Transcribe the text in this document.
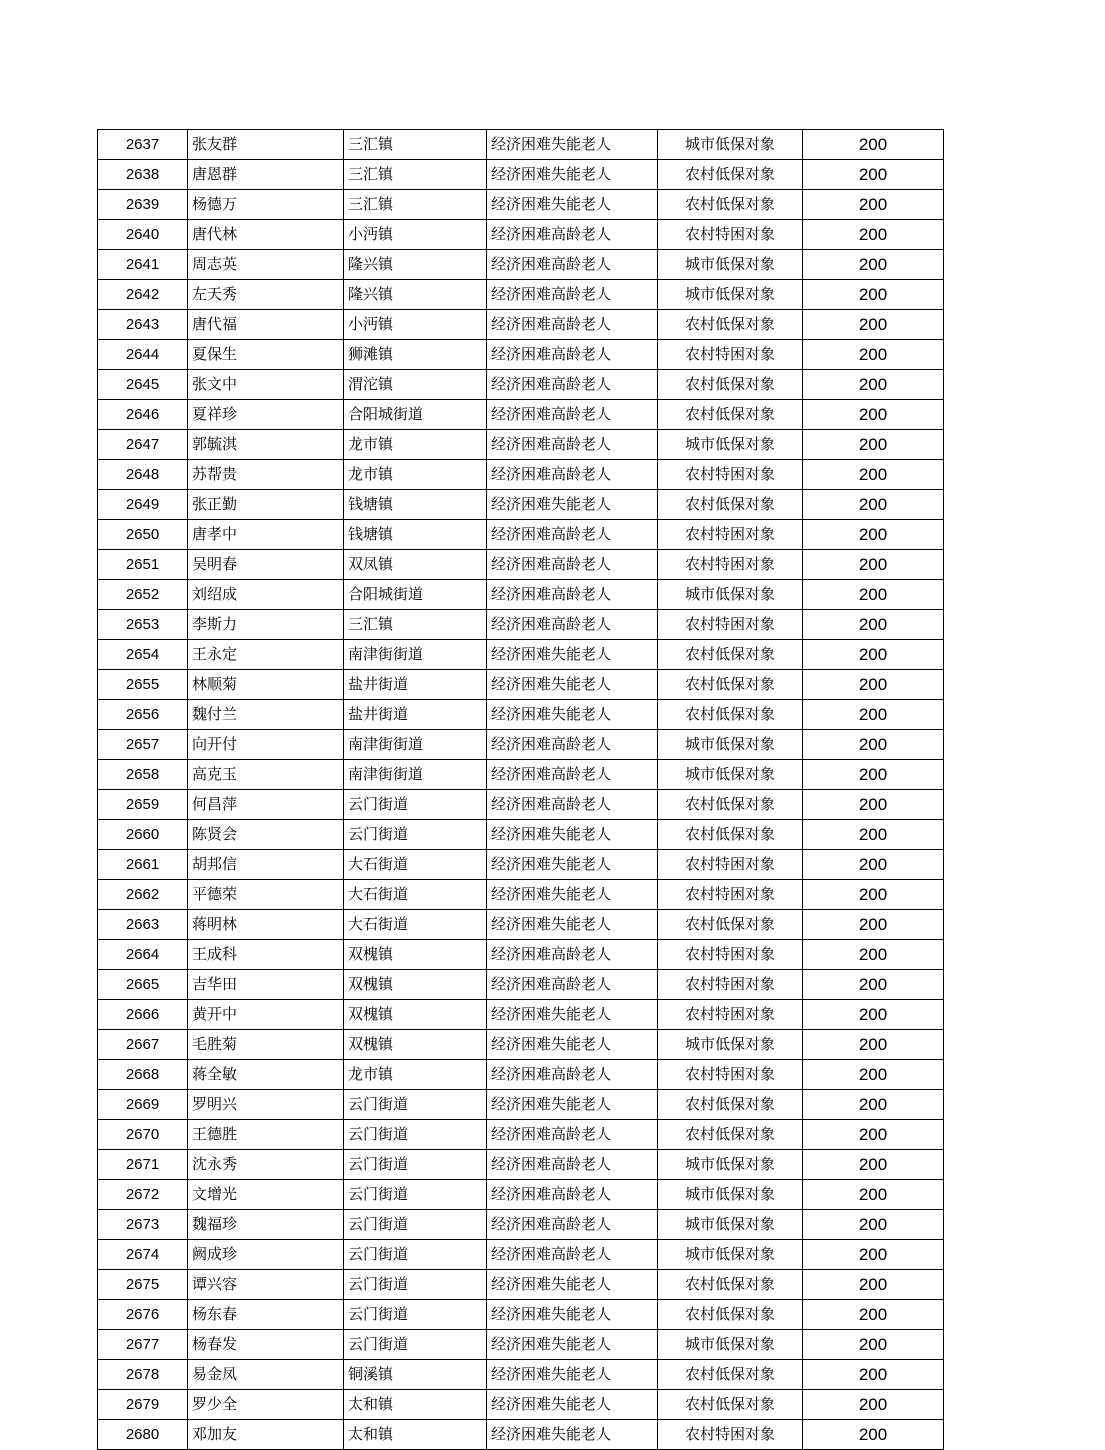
2637	张友群	三汇镇	经济困难失能老人	城市低保对象	200
2638	唐恩群	三汇镇	经济困难失能老人	农村低保对象	200
2639	杨德万	三汇镇	经济困难失能老人	农村低保对象	200
2640	唐代林	小沔镇	经济困难高龄老人	农村特困对象	200
2641	周志英	隆兴镇	经济困难高龄老人	城市低保对象	200
2642	左天秀	隆兴镇	经济困难高龄老人	城市低保对象	200
2643	唐代福	小沔镇	经济困难高龄老人	农村低保对象	200
2644	夏保生	狮滩镇	经济困难高龄老人	农村特困对象	200
2645	张文中	渭沱镇	经济困难高龄老人	农村低保对象	200
2646	夏祥珍	合阳城街道	经济困难高龄老人	农村低保对象	200
2647	郭毓淇	龙市镇	经济困难高龄老人	城市低保对象	200
2648	苏帮贵	龙市镇	经济困难高龄老人	农村特困对象	200
2649	张正勤	钱塘镇	经济困难失能老人	农村低保对象	200
2650	唐孝中	钱塘镇	经济困难高龄老人	农村特困对象	200
2651	吴明春	双凤镇	经济困难高龄老人	农村特困对象	200
2652	刘绍成	合阳城街道	经济困难高龄老人	城市低保对象	200
2653	李斯力	三汇镇	经济困难高龄老人	农村特困对象	200
2654	王永定	南津街街道	经济困难失能老人	农村低保对象	200
2655	林顺菊	盐井街道	经济困难失能老人	农村低保对象	200
2656	魏付兰	盐井街道	经济困难失能老人	农村低保对象	200
2657	向开付	南津街街道	经济困难高龄老人	城市低保对象	200
2658	高克玉	南津街街道	经济困难高龄老人	城市低保对象	200
2659	何昌萍	云门街道	经济困难高龄老人	农村低保对象	200
2660	陈贤会	云门街道	经济困难失能老人	农村低保对象	200
2661	胡邦信	大石街道	经济困难失能老人	农村特困对象	200
2662	平德荣	大石街道	经济困难失能老人	农村特困对象	200
2663	蒋明林	大石街道	经济困难失能老人	农村低保对象	200
2664	王成科	双槐镇	经济困难高龄老人	农村特困对象	200
2665	吉华田	双槐镇	经济困难高龄老人	农村特困对象	200
2666	黄开中	双槐镇	经济困难失能老人	农村特困对象	200
2667	毛胜菊	双槐镇	经济困难失能老人	城市低保对象	200
2668	蒋全敏	龙市镇	经济困难高龄老人	农村特困对象	200
2669	罗明兴	云门街道	经济困难失能老人	农村低保对象	200
2670	王德胜	云门街道	经济困难高龄老人	农村低保对象	200
2671	沈永秀	云门街道	经济困难高龄老人	城市低保对象	200
2672	文增光	云门街道	经济困难高龄老人	城市低保对象	200
2673	魏福珍	云门街道	经济困难高龄老人	城市低保对象	200
2674	阙成珍	云门街道	经济困难高龄老人	城市低保对象	200
2675	谭兴容	云门街道	经济困难失能老人	农村低保对象	200
2676	杨东春	云门街道	经济困难失能老人	农村低保对象	200
2677	杨春发	云门街道	经济困难失能老人	城市低保对象	200
2678	易金凤	铜溪镇	经济困难失能老人	农村低保对象	200
2679	罗少全	太和镇	经济困难失能老人	农村低保对象	200
2680	邓加友	太和镇	经济困难失能老人	农村特困对象	200
